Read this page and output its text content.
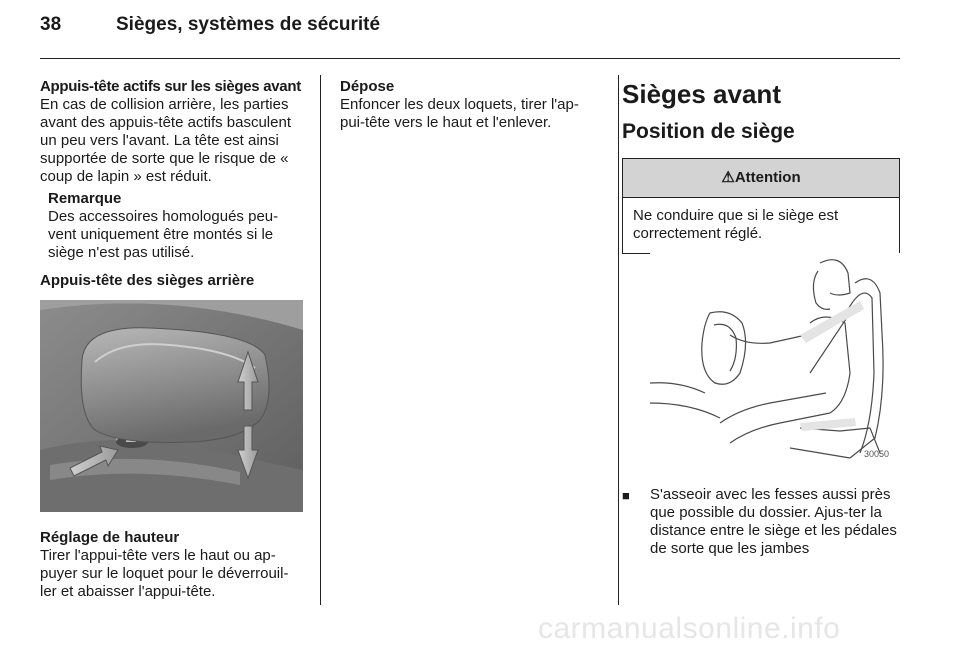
38	Sièges, systèmes de sécurité

Appuis-tête actifs sur les sièges avant

En cas de collision arrière, les parties avant des appuis-tête actifs basculent un peu vers l'avant. La tête est ainsi supportée de sorte que le risque de « coup de lapin » est réduit.

Remarque

Des accessoires homologués peu-vent uniquement être montés si le siège n'est pas utilisé.

Appuis-tête des sièges arrière

Réglage de hauteur

Tirer l'appui-tête vers le haut ou ap-puyer sur le loquet pour le déverrouil-ler et abaisser l'appui-tête.

Dépose

Enfoncer les deux loquets, tirer l'ap-pui-tête vers le haut et l'enlever.

Sièges avant
Position de siège
⚠Attention
Ne conduire que si le siège est correctement réglé.
30050
■	S'asseoir avec les fesses aussi près que possible du dossier. Ajus-ter la distance entre le siège et les pédales de sorte que les jambes
carmanualsonline.info
